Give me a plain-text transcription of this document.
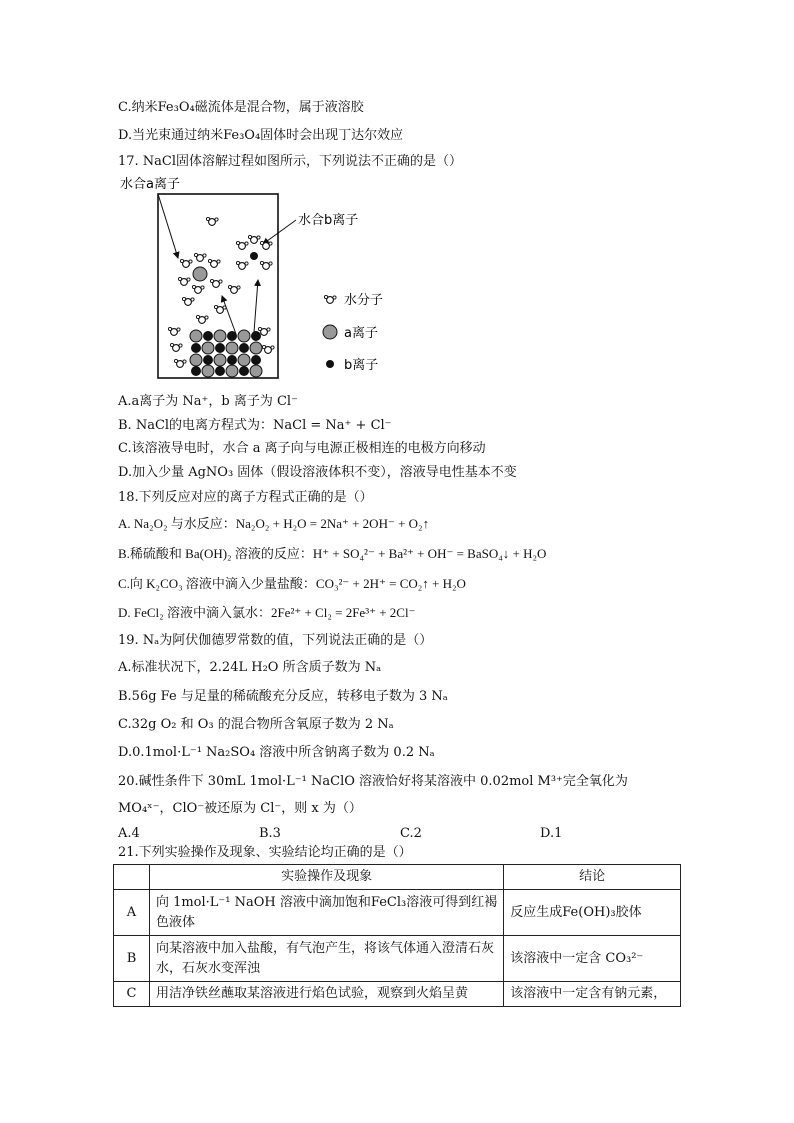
C.纳米Fe₃O₄磁流体是混合物，属于液溶胶
D.当光束通过纳米Fe₃O₄固体时会出现丁达尔效应
17. NaCl固体溶解过程如图所示，下列说法不正确的是（）
水合a离子
水合b离子
水分子
a离子
b离子
A.a离子为 Na⁺，b 离子为 Cl⁻
B. NaCl的电离方程式为：NaCl = Na⁺ + Cl⁻
C.该溶液导电时，水合 a 离子向与电源正极相连的电极方向移动
D.加入少量 AgNO₃ 固体（假设溶液体积不变），溶液导电性基本不变
18.下列反应对应的离子方程式正确的是（）
A. Na₂O₂ 与水反应：Na₂O₂ + H₂O = 2Na⁺ + 2OH⁻ + O₂↑
B.稀硫酸和 Ba(OH)₂ 溶液的反应：H⁺ + SO₄²⁻ + Ba²⁺ + OH⁻ = BaSO₄↓ + H₂O
C.向 K₂CO₃ 溶液中滴入少量盐酸：CO₃²⁻ + 2H⁺ = CO₂↑ + H₂O
D. FeCl₂ 溶液中滴入氯水：2Fe²⁺ + Cl₂ = 2Fe³⁺ + 2Cl⁻
19. Nₐ为阿伏伽德罗常数的值，下列说法正确的是（）
A.标准状况下，2.24L H₂O 所含质子数为 Nₐ
B.56g Fe 与足量的稀硫酸充分反应，转移电子数为 3 Nₐ
C.32g O₂ 和 O₃ 的混合物所含氧原子数为 2 Nₐ
D.0.1mol·L⁻¹ Na₂SO₄ 溶液中所含钠离子数为 0.2 Nₐ
20.碱性条件下 30mL 1mol·L⁻¹ NaClO 溶液恰好将某溶液中 0.02mol M³⁺完全氧化为
MO₄ˣ⁻，ClO⁻被还原为 Cl⁻，则 x 为（）
A.4	B.3	C.2	D.1
21.下列实验操作及现象、实验结论均正确的是（）
	实验操作及现象	结论
A	向 1mol·L⁻¹ NaOH 溶液中滴加饱和FeCl₃溶液可得到红褐色液体	反应生成Fe(OH)₃胶体
B	向某溶液中加入盐酸，有气泡产生，将该气体通入澄清石灰水，石灰水变浑浊	该溶液中一定含 CO₃²⁻
C	用洁净铁丝蘸取某溶液进行焰色试验，观察到火焰呈黄	该溶液中一定含有钠元素，
